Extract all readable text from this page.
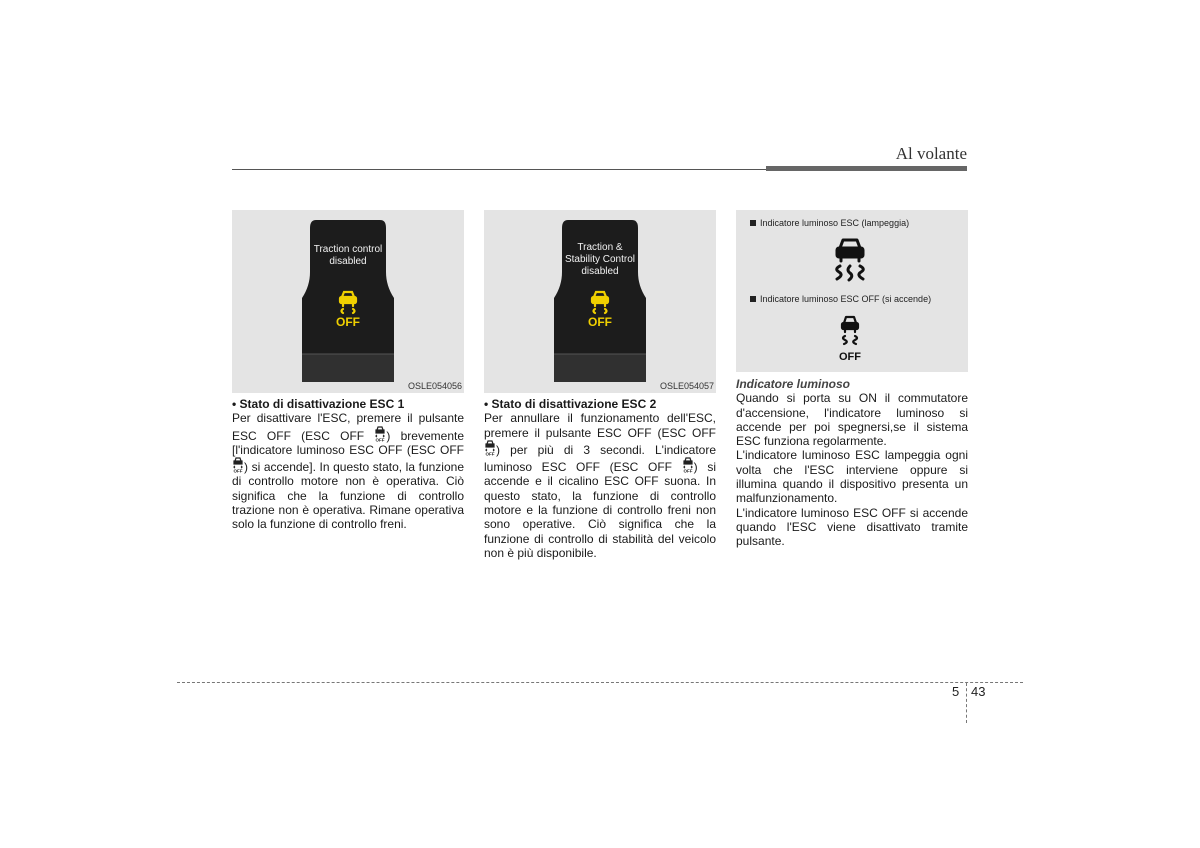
Al volante
Traction control
disabled
OFF
OSLE054056
Traction &
Stability Control
disabled
OFF
OSLE054057
Indicatore luminoso ESC (lampeggia)
Indicatore luminoso ESC OFF (si accende)
OFF

• Stato di disattivazione ESC 1

Per disattivare l'ESC, premere il pulsante ESC OFF (ESC OFF OFF ) brevemente [l'indicatore luminoso ESC OFF (ESC OFF
OFF ) si accende]. In questo stato, la funzione di controllo motore non è operativa. Ciò significa che la funzione di controllo trazione non è operativa. Rimane operativa solo la funzione di controllo freni.

• Stato di disattivazione ESC 2

Per annullare il funzionamento dell'ESC, premere il pulsante ESC OFF (ESC OFF
OFF ) per più di 3 secondi. L'indicatore luminoso ESC OFF (ESC OFF OFF ) si accende e il cicalino ESC OFF suona. In questo stato, la funzione di controllo motore e la funzione di controllo freni non sono operative. Ciò significa che la funzione di controllo di stabilità del veicolo non è più disponibile.

Indicatore luminoso

Quando si porta su ON il commutatore d'accensione, l'indicatore luminoso si accende per poi spegnersi,se il sistema ESC funziona regolarmente.

L'indicatore luminoso ESC lampeggia ogni volta che l'ESC interviene oppure si illumina quando il dispositivo presenta un malfunzionamento.

L'indicatore luminoso ESC OFF si accende quando l'ESC viene disattivato tramite pulsante.

5 43
